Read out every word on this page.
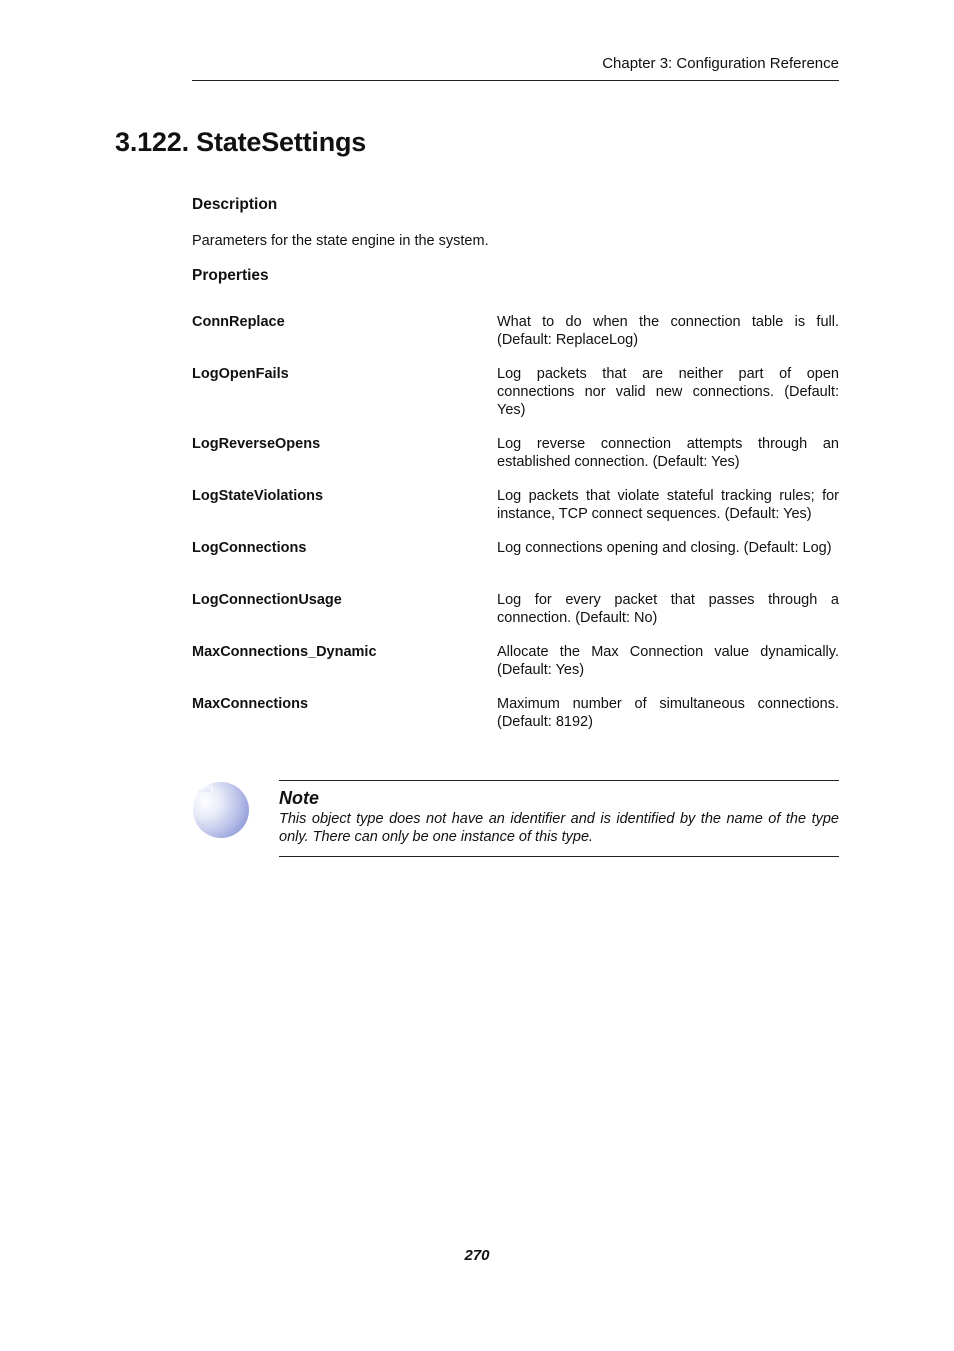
Chapter 3: Configuration Reference
3.122. StateSettings
Description

Parameters for the state engine in the system.

Properties
ConnReplace	What to do when the connection table is full. (Default: ReplaceLog)
LogOpenFails	Log packets that are neither part of open connections nor valid new connections. (Default: Yes)
LogReverseOpens	Log reverse connection attempts through an established connection. (Default: Yes)
LogStateViolations	Log packets that violate stateful tracking rules; for instance, TCP connect sequences. (Default: Yes)
LogConnections	Log connections opening and closing. (Default: Log)
LogConnectionUsage	Log for every packet that passes through a connection. (Default: No)
MaxConnections_Dynamic	Allocate the Max Connection value dynamically. (Default: Yes)
MaxConnections	Maximum number of simultaneous connections. (Default: 8192)
Note
This object type does not have an identifier and is identified by the name of the type only. There can only be one instance of this type.
270
